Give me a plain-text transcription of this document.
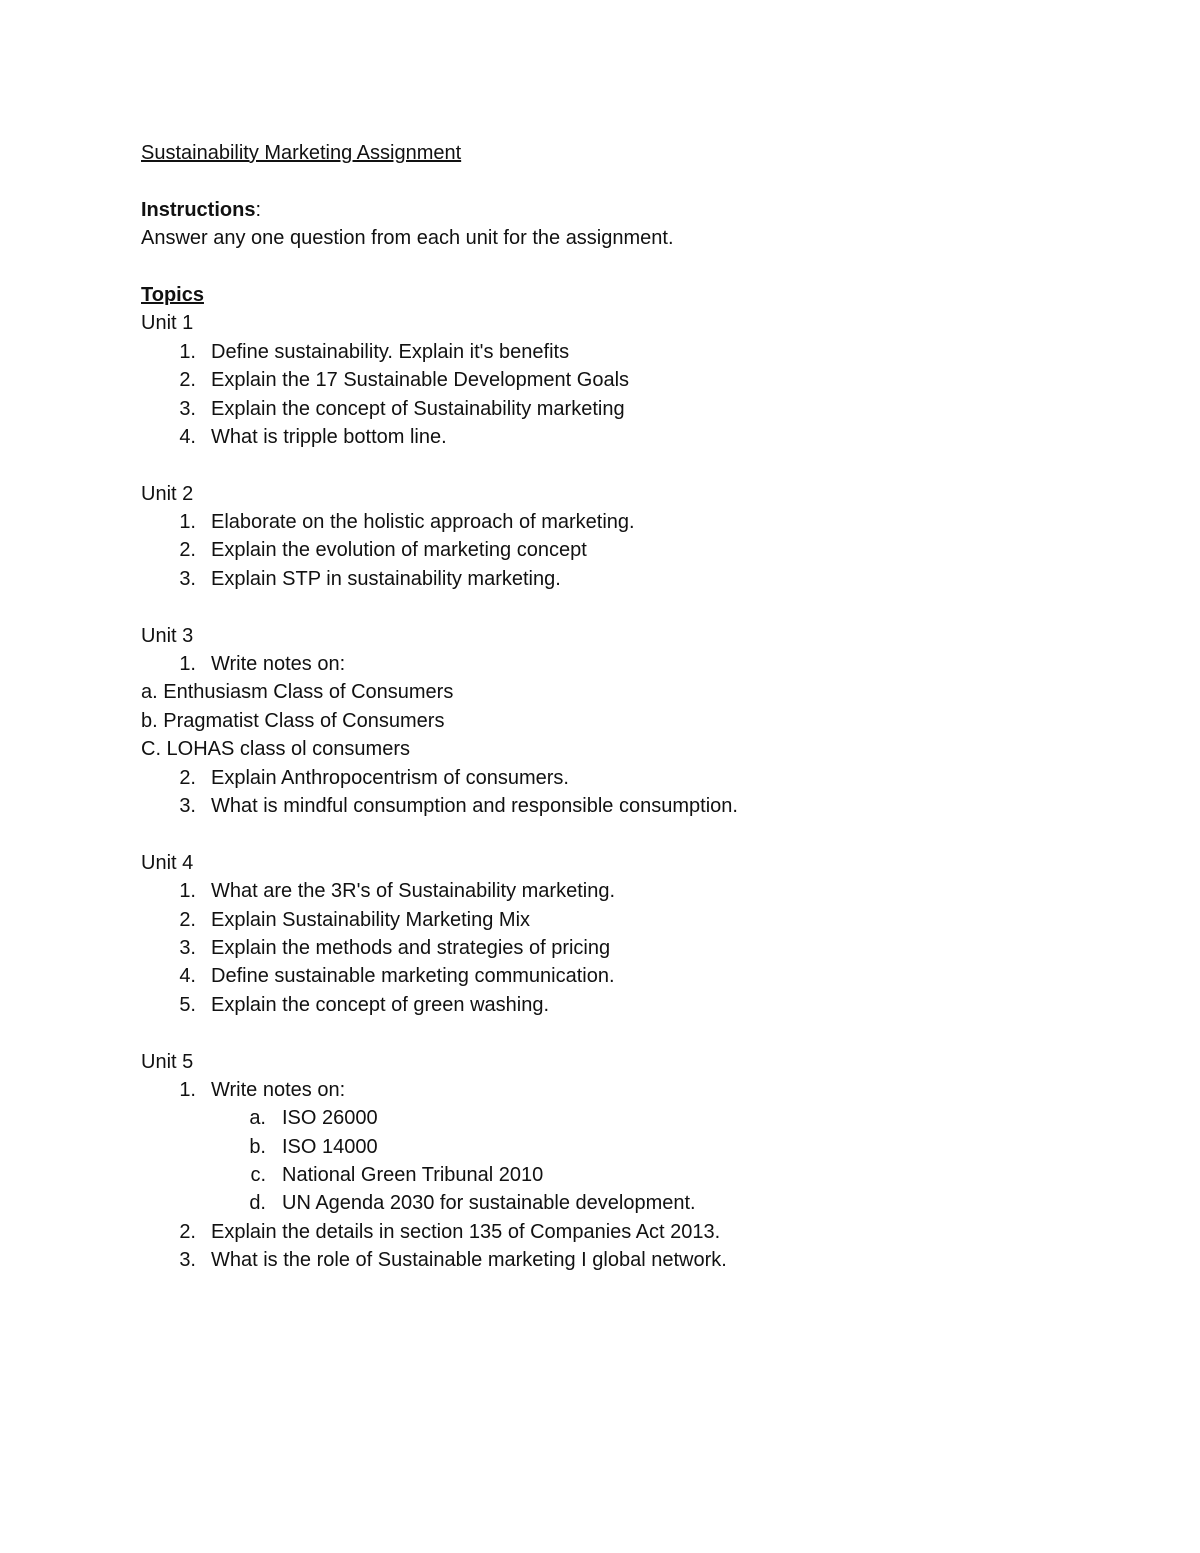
Sustainability Marketing Assignment
Instructions:
Answer any one question from each unit for the assignment.
Topics
Unit 1
1. Define sustainability. Explain it's benefits
2. Explain the 17 Sustainable Development Goals
3. Explain the concept of Sustainability marketing
4. What is tripple bottom line.
Unit 2
1. Elaborate on the holistic approach of marketing.
2. Explain the evolution of marketing concept
3. Explain STP in sustainability marketing.
Unit 3
1. Write notes on:
a. Enthusiasm Class of Consumers
b. Pragmatist Class of Consumers
C. LOHAS class ol consumers
2. Explain Anthropocentrism of consumers.
3. What is mindful consumption and responsible consumption.
Unit 4
1. What are the 3R's of Sustainability marketing.
2. Explain Sustainability Marketing Mix
3. Explain the methods and strategies of pricing
4. Define sustainable marketing communication.
5. Explain the concept of green washing.
Unit 5
1. Write notes on:
a. ISO 26000
b. ISO 14000
c. National Green Tribunal 2010
d. UN Agenda 2030 for sustainable development.
2. Explain the details in section 135 of Companies Act 2013.
3. What is the role of Sustainable marketing I global network.
